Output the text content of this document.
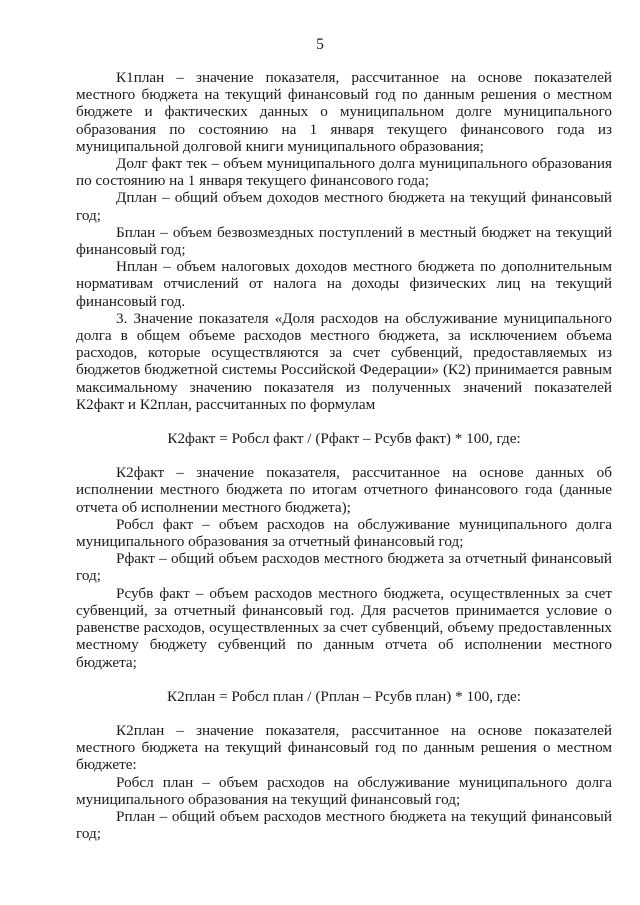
5

К1план – значение показателя, рассчитанное на основе показателей местного бюджета на текущий финансовый год по данным решения о местном бюджете и фактических данных о муниципальном долге муниципального образования по состоянию на 1 января текущего финансового года из муниципальной долговой книги муниципального образования;

Долг факт тек – объем муниципального долга муниципального образования по состоянию на 1 января текущего финансового года;

Дплан – общий объем доходов местного бюджета на текущий финансовый год;

Бплан – объем безвозмездных поступлений в местный бюджет на текущий финансовый год;

Нплан – объем налоговых доходов местного бюджета по дополнительным нормативам отчислений от налога на доходы физических лиц на текущий финансовый год.

3. Значение показателя «Доля расходов на обслуживание муниципального долга в общем объеме расходов местного бюджета, за исключением объема расходов, которые осуществляются за счет субвенций, предоставляемых из бюджетов бюджетной системы Российской Федерации» (К2) принимается равным максимальному значению показателя из полученных значений показателей К2факт и К2план, рассчитанных по формулам

К2факт = Робсл факт / (Рфакт – Рсубв факт) * 100, где:

К2факт – значение показателя, рассчитанное на основе данных об исполнении местного бюджета по итогам отчетного финансового года (данные отчета об исполнении местного бюджета);

Робсл факт – объем расходов на обслуживание муниципального долга муниципального образования за отчетный финансовый год;

Рфакт – общий объем расходов местного бюджета за отчетный финансовый год;

Рсубв факт – объем расходов местного бюджета, осуществленных за счет субвенций, за отчетный финансовый год. Для расчетов принимается условие о равенстве расходов, осуществленных за счет субвенций, объему предоставленных местному бюджету субвенций по данным отчета об исполнении местного бюджета;

К2план = Робсл план / (Рплан – Рсубв план) * 100, где:

К2план – значение показателя, рассчитанное на основе показателей местного бюджета на текущий финансовый год по данным решения о местном бюджете:

Робсл план – объем расходов на обслуживание муниципального долга муниципального образования на текущий финансовый год;

Рплан – общий объем расходов местного бюджета на текущий финансовый год;
